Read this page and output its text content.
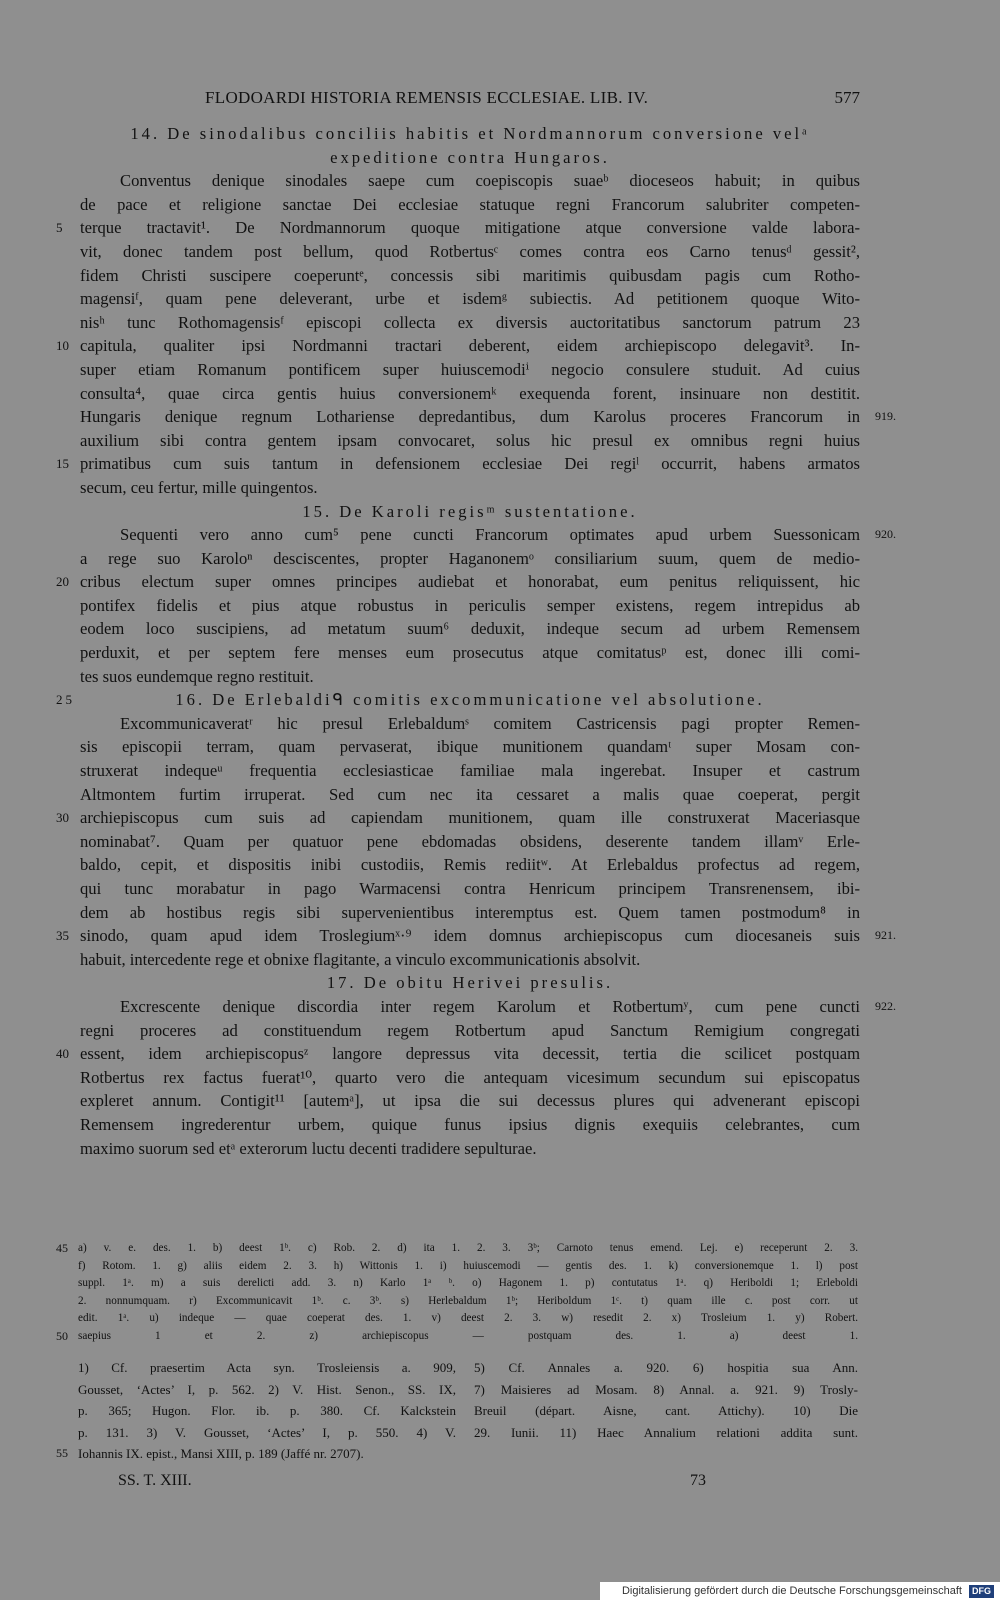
FLODOARDI HISTORIA REMENSIS ECCLESIAE. LIB. IV.	577
14. De sinodalibus conciliis habitis et Nordmannorum conversione velᵃ
expeditione contra Hungaros.
Conventus denique sinodales saepe cum coepiscopis suaeᵇ dioceseos habuit; in quibus
de pace et religione sanctae Dei ecclesiae statuque regni Francorum salubriter competen-
5 terque tractavit¹. De Nordmannorum quoque mitigatione atque conversione valde labora-
vit, donec tandem post bellum, quod Rotbertusᶜ comes contra eos Carno tenusᵈ gessit²,
fidem Christi suscipere coeperuntᵉ, concessis sibi maritimis quibusdam pagis cum Rotho-
magensiᶠ, quam pene deleverant, urbe et isdemᵍ subiectis. Ad petitionem quoque Wito-
nisʰ tunc Rothomagensisᶠ episcopi collecta ex diversis auctoritatibus sanctorum patrum 23
10 capitula, qualiter ipsi Nordmanni tractari deberent, eidem archiepiscopo delegavit³. In-
super etiam Romanum pontificem super huiuscemodiⁱ negocio consulere studuit. Ad cuius
consulta⁴, quae circa gentis huius conversionemᵏ exequenda forent, insinuare non destitit.
Hungaris denique regnum Lothariense depredantibus, dum Karolus proceres Francorum in 919.
auxilium sibi contra gentem ipsam convocaret, solus hic presul ex omnibus regni huius
15 primatibus cum suis tantum in defensionem ecclesiae Dei regiˡ occurrit, habens armatos
secum, ceu fertur, mille quingentos.
15. De Karoli regisᵐ sustentatione.
Sequenti vero anno cum⁵ pene cuncti Francorum optimates apud urbem Suessonicam 920.
a rege suo Karoloⁿ desciscentes, propter Haganonemᵒ consiliarium suum, quem de medio-
20 cribus electum super omnes principes audiebat et honorabat, eum penitus reliquissent, hic
pontifex fidelis et pius atque robustus in periculis semper existens, regem intrepidus ab
eodem loco suscipiens, ad metatum suum⁶ deduxit, indeque secum ad urbem Remensem
perduxit, et per septem fere menses eum prosecutus atque comitatusᵖ est, donec illi comi-
tes suos eundemque regno restituit.
25	16. De Erlebaldiᑫ comitis excommunicatione vel absolutione.
Excommunicaveratʳ hic presul Erlebaldumˢ comitem Castricensis pagi propter Remen-
sis episcopii terram, quam pervaserat, ibique munitionem quandamᵗ super Mosam con-
struxerat indequeᵘ frequentia ecclesiasticae familiae mala ingerebat. Insuper et castrum
Altmontem furtim irruperat. Sed cum nec ita cessaret a malis quae coeperat, pergit
30 archiepiscopus cum suis ad capiendam munitionem, quam ille construxerat Maceriasque
nominabat⁷. Quam per quatuor pene ebdomadas obsidens, deserente tandem illamᵛ Erle-
baldo, cepit, et dispositis inibi custodiis, Remis rediitʷ. At Erlebaldus profectus ad regem,
qui tunc morabatur in pago Warmacensi contra Henricum principem Transrenensem, ibi-
dem ab hostibus regis sibi supervenientibus interemptus est. Quem tamen postmodum⁸ in
35 sinodo, quam apud idem Troslegiumˣ·⁹ idem domnus archiepiscopus cum diocesaneis suis 921.
habuit, intercedente rege et obnixe flagitante, a vinculo excommunicationis absolvit.
17. De obitu Herivei presulis.
Excrescente denique discordia inter regem Karolum et Rotbertumʸ, cum pene cuncti 922.
regni proceres ad constituendum regem Rotbertum apud Sanctum Remigium congregati
40 essent, idem archiepiscopusᶻ langore depressus vita decessit, tertia die scilicet postquam
Rotbertus rex factus fuerat¹⁰, quarto vero die antequam vicesimum secundum sui episcopatus
expleret annum. Contigit¹¹ [autemᵃ], ut ipsa die sui decessus plures qui advenerant episcopi
Remensem ingrederentur urbem, quique funus ipsius dignis exequiis celebrantes, cum
maximo suorum sed etᵃ exterorum luctu decenti tradidere sepulturae.
45 a) v. e. des. 1. b) deest 1ᵇ. c) Rob. 2. d) ita 1. 2. 3. 3ᵇ; Carnoto tenus emend. Lej. e) receperunt 2. 3.
f) Rotom. 1. g) aliis eidem 2. 3. h) Wittonis 1. i) huiuscemodi — gentis des. 1. k) conversionemque 1. l) post
suppl. 1ᵃ. m) a suis derelicti add. 3. n) Karlo 1ᵃ ᵇ. o) Hagonem 1. p) contutatus 1ᵃ. q) Heriboldi 1; Erleboldi
2. nonnumquam. r) Excommunicavit 1ᵇ. c. 3ᵇ. s) Herlebaldum 1ᵇ; Heriboldum 1ᶜ. t) quam ille c. post corr. ut
edit. 1ᵃ. u) indeque — quae coeperat des. 1. v) deest 2. 3. w) resedit 2. x) Trosleium 1. y) Robert.
50 saepius 1 et 2. z) archiepiscopus — postquam des. 1. a) deest 1.
1) Cf. praesertim Acta syn. Trosleiensis a. 909,
Gousset, ‘Actes’ I, p. 562. 2) V. Hist. Senon., SS. IX,
p. 365; Hugon. Flor. ib. p. 380. Cf. Kalckstein
p. 131. 3) V. Gousset, ‘Actes’ I, p. 550. 4) V.
55 Iohannis IX. epist., Mansi XIII, p. 189 (Jaffé nr. 2707).
5) Cf. Annales a. 920. 6) hospitia sua Ann.
7) Maisieres ad Mosam. 8) Annal. a. 921. 9) Trosly-
Breuil (départ. Aisne, cant. Attichy). 10) Die
29. Iunii. 11) Haec Annalium relationi addita sunt.
SS. T. XIII.	73
Digitalisierung gefördert durch die Deutsche Forschungsgemeinschaft DFG
